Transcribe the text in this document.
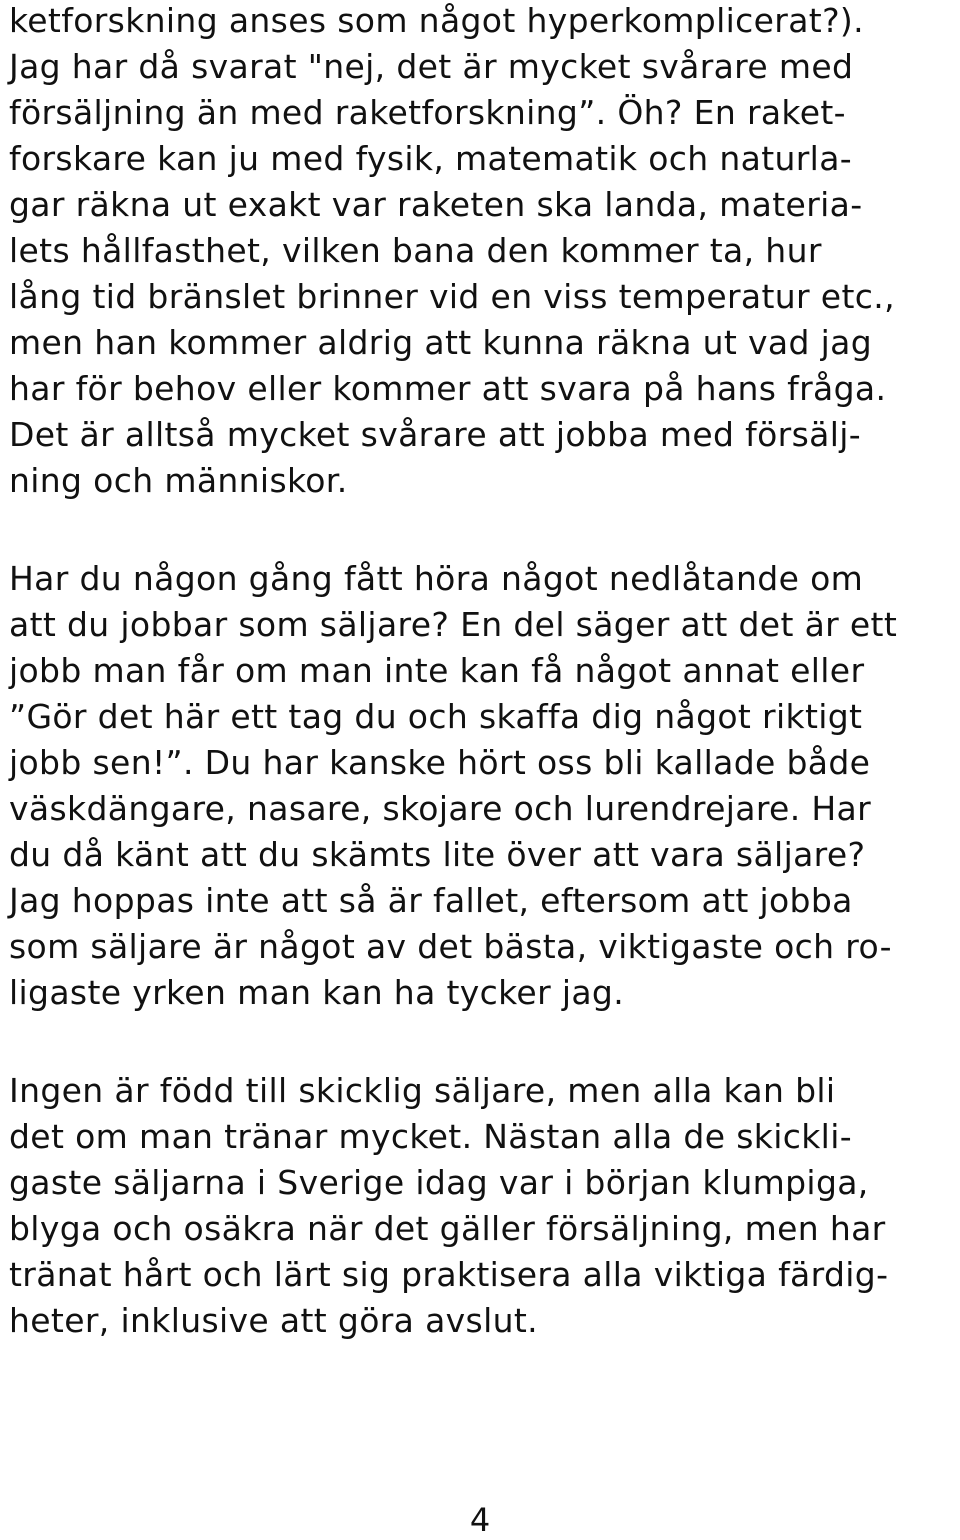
ketforskning anses som något hyperkomplicerat?).
Jag har då svarat "nej, det är mycket svårare med
försäljning än med raketforskning”. Öh? En raket-
forskare kan ju med fysik, matematik och naturla-
gar räkna ut exakt var raketen ska landa, materia-
lets hållfasthet, vilken bana den kommer ta, hur
lång tid bränslet brinner vid en viss temperatur etc.,
men han kommer aldrig att kunna räkna ut vad jag
har för behov eller kommer att svara på hans fråga.
Det är alltså mycket svårare att jobba med försälj-
ning och människor.
Har du någon gång fått höra något nedlåtande om
att du jobbar som säljare? En del säger att det är ett
jobb man får om man inte kan få något annat eller
”Gör det här ett tag du och skaffa dig något riktigt
jobb sen!”. Du har kanske hört oss bli kallade både
väskdängare, nasare, skojare och lurendrejare. Har
du då känt att du skämts lite över att vara säljare?
Jag hoppas inte att så är fallet, eftersom att jobba
som säljare är något av det bästa, viktigaste och ro-
ligaste yrken man kan ha tycker jag.
Ingen är född till skicklig säljare, men alla kan bli
det om man tränar mycket. Nästan alla de skickli-
gaste säljarna i Sverige idag var i början klumpiga,
blyga och osäkra när det gäller försäljning, men har
tränat hårt och lärt sig praktisera alla viktiga färdig-
heter, inklusive att göra avslut.
4
